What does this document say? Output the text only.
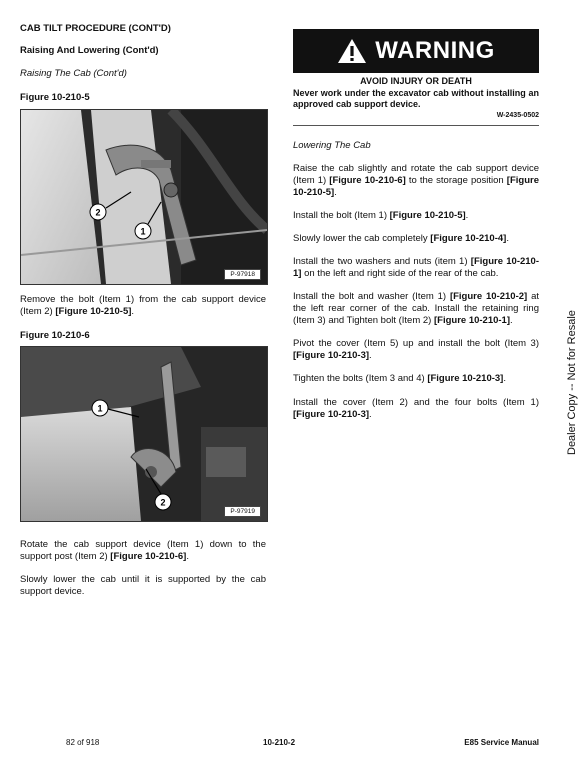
CAB TILT PROCEDURE (CONT'D)
Raising And Lowering (Cont'd)
Raising The Cab (Cont'd)
Figure 10-210-5
2
1
P-97918
Remove the bolt (Item 1) from the cab support device (Item 2) [Figure 10-210-5].
Figure 10-210-6
1
2
P-97919
Rotate the cab support device (Item 1) down to the support post (Item 2) [Figure 10-210-6].
Slowly lower the cab until it is supported by the cab support device.
WARNING
AVOID INJURY OR DEATH
Never work under the excavator cab without installing an approved cab support device.
W-2435-0502
Lowering The Cab
Raise the cab slightly and rotate the cab support device (Item 1) [Figure 10-210-6] to the storage position [Figure 10-210-5].
Install the bolt (Item 1) [Figure 10-210-5].
Slowly lower the cab completely [Figure 10-210-4].
Install the two washers and nuts (item 1) [Figure 10-210-1] on the left and right side of the rear of the cab.
Install the bolt and washer (Item 1) [Figure 10-210-2] at the left rear corner of the cab. Install the retaining ring (Item 3) and Tighten bolt (Item 2) [Figure 10-210-1].
Pivot the cover (Item 5) up and install the bolt (Item 3) [Figure 10-210-3].
Tighten the bolts (Item 3 and 4) [Figure 10-210-3].
Install the cover (Item 2) and the four bolts (Item 1) [Figure 10-210-3].	Dealer Copy -- Not for Resale
82 of 918	10-210-2	E85 Service Manual
